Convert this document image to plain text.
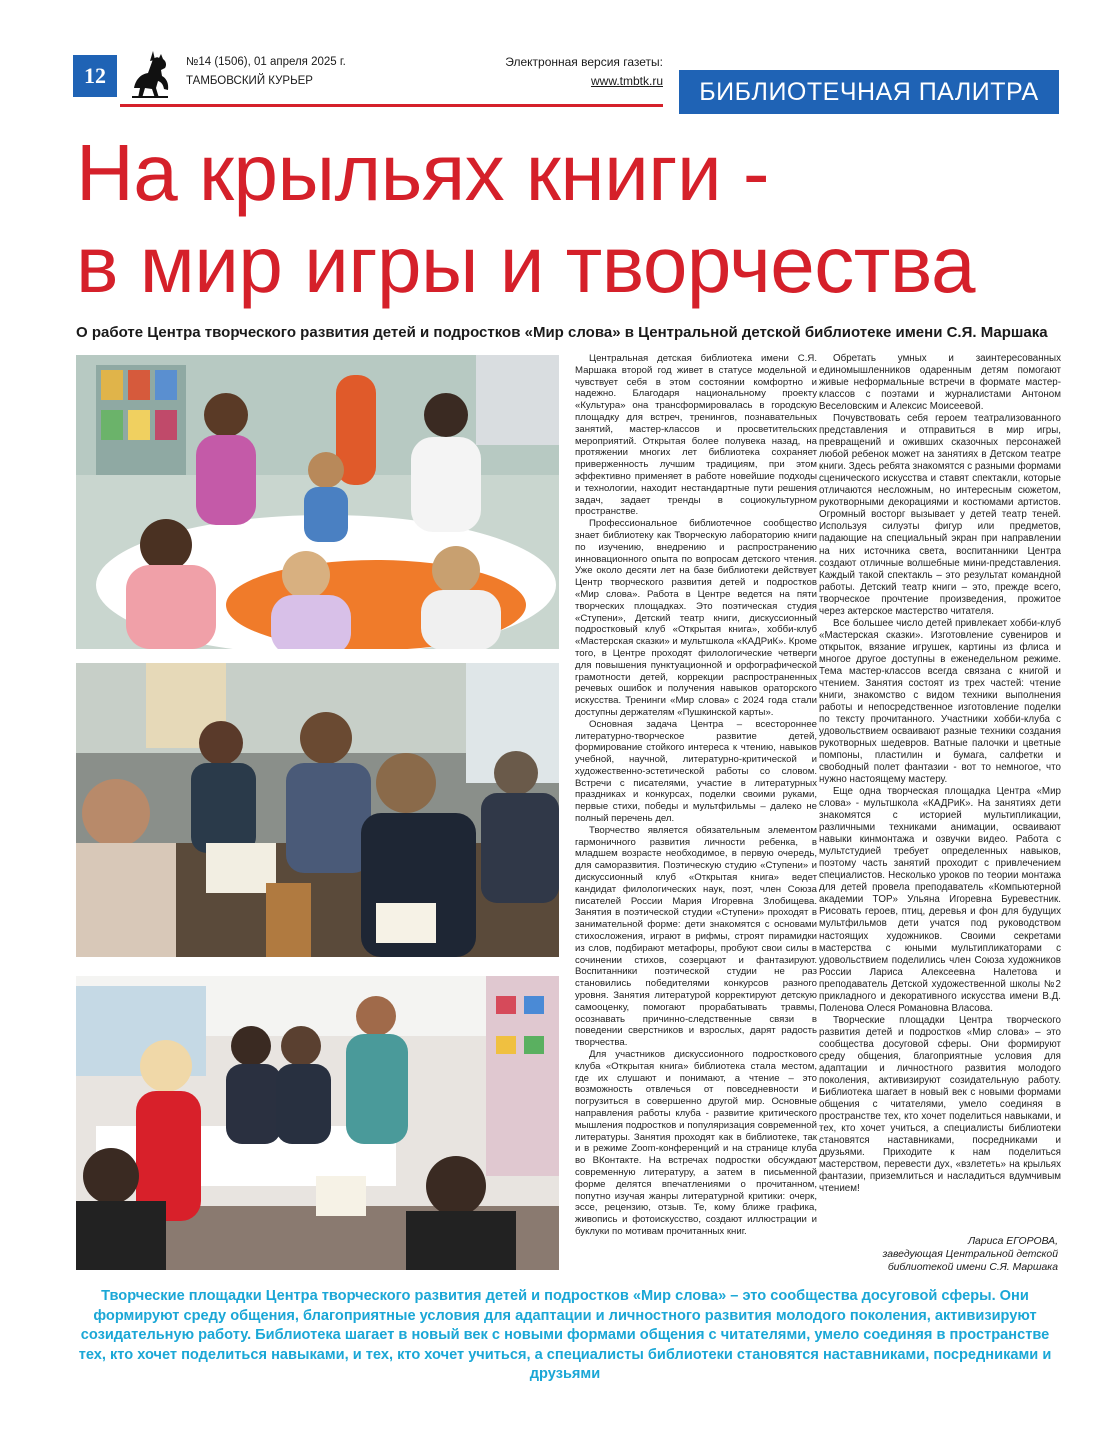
12
№14 (1506), 01 апреля 2025 г.
ТАМБОВСКИЙ КУРЬЕР
Электронная версия газеты:
www.tmbtk.ru	БИБЛИОТЕЧНАЯ ПАЛИТРА
На крыльях книги -
в мир игры и творчества
О работе Центра творческого развития детей и подростков «Мир слова» в Центральной детской библиотеке имени С.Я. Маршака

Центральная детская библиотека имени С.Я. Маршака второй год живет в статусе модельной и чувствует себя в этом состоянии комфортно и надежно. Благодаря национальному проекту «Культура» она трансформировалась в городскую площадку для встреч, тренингов, познавательных занятий, мастер-классов и просветительских мероприятий. Открытая более полувека назад, на протяжении многих лет библиотека сохраняет приверженность лучшим традициям, при этом эффективно применяет в работе новейшие подходы и технологии, находит нестандартные пути решения задач, задает тренды в социокультурном пространстве.

Профессиональное библиотечное сообщество знает библиотеку как Творческую лабораторию книги по изучению, внедрению и распространению инновационного опыта по вопросам детского чтения. Уже около десяти лет на базе библиотеки действует Центр творческого развития детей и подростков «Мир слова». Работа в Центре ведется на пяти творческих площадках. Это поэтическая студия «Ступени», Детский театр книги, дискуссионный подростковый клуб «Открытая книга», хобби-клуб «Мастерская сказки» и мультшкола «КАДРиК». Кроме того, в Центре проходят филологические четверги для повышения пунктуационной и орфографической грамотности детей, коррекции распространенных речевых ошибок и получения навыков ораторского искусства. Тренинги «Мир слова» с 2024 года стали доступны держателям «Пушкинской карты».

Основная задача Центра – всестороннее литературно-творческое развитие детей, формирование стойкого интереса к чтению, навыков учебной, научной, литературно-критической и художественно-эстетической работы со словом. Встречи с писателями, участие в литературных праздниках и конкурсах, поделки своими руками, первые стихи, победы и мультфильмы – далеко не полный перечень дел.

Творчество является обязательным элементом гармоничного развития личности ребенка, в младшем возрасте необходимое, в первую очередь, для саморазвития. Поэтическую студию «Ступени» и дискуссионный клуб «Открытая книга» ведет кандидат филологических наук, поэт, член Союза писателей России Мария Игоревна Злобищева. Занятия в поэтической студии «Ступени» проходят в занимательной форме: дети знакомятся с основами стихосложения, играют в рифмы, строят пирамидки из слов, подбирают метафоры, пробуют свои силы в сочинении стихов, созерцают и фантазируют. Воспитанники поэтической студии не раз становились победителями конкурсов разного уровня. Занятия литературой корректируют детскую самооценку, помогают прорабатывать травмы, осознавать причинно-следственные связи в поведении сверстников и взрослых, дарят радость творчества.

Для участников дискуссионного подросткового клуба «Открытая книга» библиотека стала местом, где их слушают и понимают, а чтение – это возможность отвлечься от повседневности и погрузиться в совершенно другой мир. Основные направления работы клуба - развитие критического мышления подростков и популяризация современной литературы. Занятия проходят как в библиотеке, так и в режиме Zoom-конференций и на странице клуба во ВКонтакте. На встречах подростки обсуждают современную литературу, а затем в письменной форме делятся впечатлениями о прочитанном, попутно изучая жанры литературной критики: очерк, эссе, рецензию, отзыв. Те, кому ближе графика, живопись и фотоискусство, создают иллюстрации и буклуки по мотивам прочитанных книг.

Обретать умных и заинтересованных единомышленников одаренным детям помогают живые неформальные встречи в формате мастер-классов с поэтами и журналистами Антоном Веселовским и Алексис Моисеевой.

Почувствовать себя героем театрализованного представления и отправиться в мир игры, превращений и оживших сказочных персонажей любой ребенок может на занятиях в Детском театре книги. Здесь ребята знакомятся с разными формами сценического искусства и ставят спектакли, которые отличаются несложным, но интересным сюжетом, рукотворными декорациями и костюмами артистов. Огромный восторг вызывает у детей театр теней. Используя силуэты фигур или предметов, падающие на специальный экран при направлении на них источника света, воспитанники Центра создают отличные волшебные мини-представления. Каждый такой спектакль – это результат командной работы. Детский театр книги – это, прежде всего, творческое прочтение произведения, прожитое через актерское мастерство читателя.

Все большее число детей привлекает хобби-клуб «Мастерская сказки». Изготовление сувениров и открыток, вязание игрушек, картины из флиса и многое другое доступны в еженедельном режиме. Тема мастер-классов всегда связана с книгой и чтением. Занятия состоят из трех частей: чтение книги, знакомство с видом техники выполнения работы и непосредственное изготовление поделки по тексту прочитанного. Участники хобби-клуба с удовольствием осваивают разные техники создания рукотворных шедевров. Ватные палочки и цветные помпоны, пластилин и бумага, салфетки и свободный полет фантазии - вот то немногое, что нужно настоящему мастеру.

Еще одна творческая площадка Центра «Мир слова» - мультшкола «КАДРиК». На занятиях дети знакомятся с историей мультипликации, различными техниками анимации, осваивают навыки кинмонтажа и озвучки видео. Работа с мультстудией требует определенных навыков, поэтому часть занятий проходит с привлечением специалистов. Несколько уроков по теории монтажа для детей провела преподаватель «Компьютерной академии TOP» Ульяна Игоревна Буревестник. Рисовать героев, птиц, деревья и фон для будущих мультфильмов дети учатся под руководством настоящих художников. Своими секретами мастерства с юными мультипликаторами с удовольствием поделились член Союза художников России Лариса Алексеевна Налетова и преподаватель Детской художественной школы №2 прикладного и декоративного искусства имени В.Д. Поленова Олеся Романовна Власова.

Творческие площадки Центра творческого развития детей и подростков «Мир слова» – это сообщества досуговой сферы. Они формируют среду общения, благоприятные условия для адаптации и личностного развития молодого поколения, активизируют созидательную работу. Библиотека шагает в новый век с новыми формами общения с читателями, умело соединяя в пространстве тех, кто хочет поделиться навыками, и тех, кто хочет учиться, а специалисты библиотеки становятся наставниками, посредниками и друзьями. Приходите к нам поделиться мастерством, перевести дух, «взлететь» на крыльях фантазии, приземлиться и насладиться вдумчивым чтением!

Лариса ЕГОРОВА,
заведующая Центральной детской библиотекой имени С.Я. Маршака
Творческие площадки Центра творческого развития детей и подростков «Мир слова» – это сообщества досуговой сферы. Они формируют среду общения, благоприятные условия для адаптации и личностного развития молодого поколения, активизируют созидательную работу. Библиотека шагает в новый век с новыми формами общения с читателями, умело соединяя в пространстве тех, кто хочет поделиться навыками, и тех, кто хочет учиться, а специалисты библиотеки становятся наставниками, посредниками и друзьями
